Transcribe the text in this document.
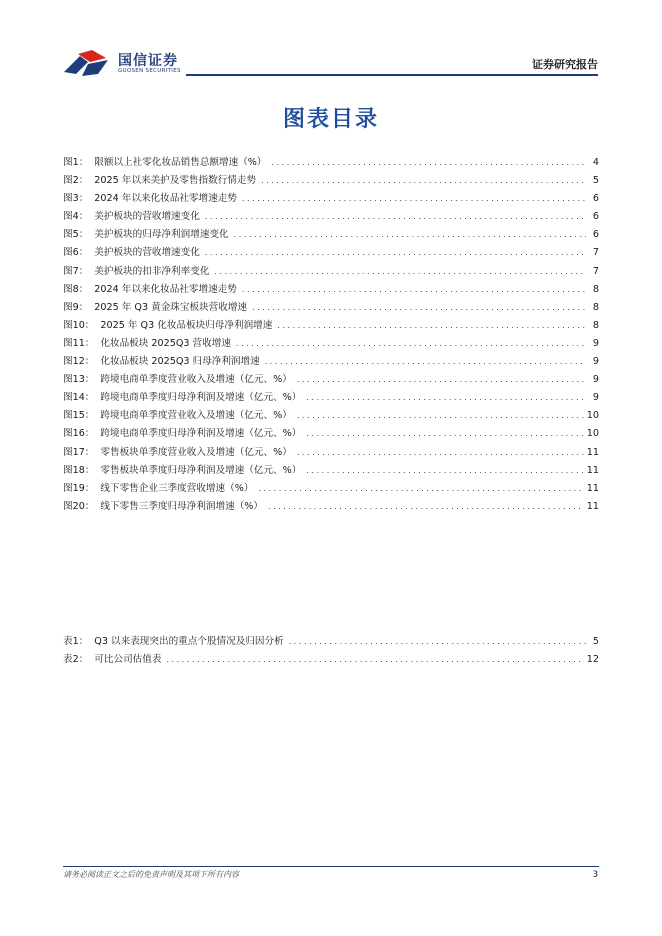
国信证券
GUOSEN SECURITIES	证券研究报告
图表目录
图1： 限额以上社零化妆品销售总额增速（%） . . .	4
图2： 2025 年以来美护及零售指数行情走势 . . .	5
图3： 2024 年以来化妆品社零增速走势 . . .	6
图4： 美护板块的营收增速变化 . . .	6
图5： 美护板块的归母净利润增速变化 . . .	6
图6： 美护板块的营收增速变化 . . .	7
图7： 美护板块的扣非净利率变化 . . .	7
图8： 2024 年以来化妆品社零增速走势 . . .	8
图9： 2025 年 Q3 黄金珠宝板块营收增速 . . .	8
图10： 2025 年 Q3 化妆品板块归母净利润增速 . . .	8
图11： 化妆品板块 2025Q3 营收增速 . . .	9
图12： 化妆品板块 2025Q3 归母净利润增速 . . .	9
图13： 跨境电商单季度营业收入及增速（亿元、%） . . .	9
图14： 跨境电商单季度归母净利润及增速（亿元、%） . . .	9
图15： 跨境电商单季度营业收入及增速（亿元、%） . . .	10
图16： 跨境电商单季度归母净利润及增速（亿元、%） . . .	10
图17： 零售板块单季度营业收入及增速（亿元、%） . . .	11
图18： 零售板块单季度归母净利润及增速（亿元、%） . . .	11
图19： 线下零售企业三季度营收增速（%） . . .	11
图20： 线下零售三季度归母净利润增速（%） . . .	11
表1： Q3 以来表现突出的重点个股情况及归因分析 . . .	5
表2： 可比公司估值表 . . .	12
请务必阅读正文之后的免责声明及其项下所有内容	3
